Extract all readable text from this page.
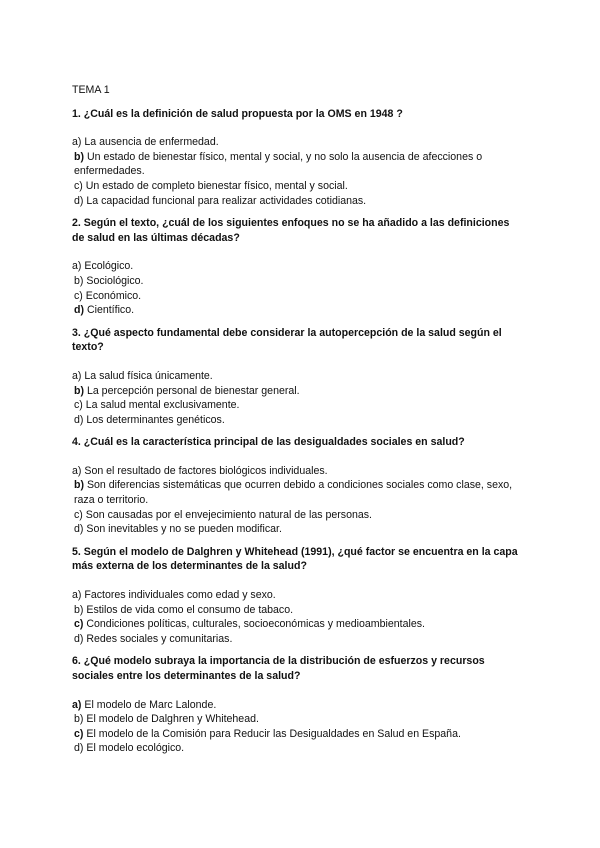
TEMA 1
1. ¿Cuál es la definición de salud propuesta por la OMS en 1948 ?
a) La ausencia de enfermedad.
b) Un estado de bienestar físico, mental y social, y no solo la ausencia de afecciones o enfermedades.
c) Un estado de completo bienestar físico, mental y social.
d) La capacidad funcional para realizar actividades cotidianas.
2. Según el texto, ¿cuál de los siguientes enfoques no se ha añadido a las definiciones de salud en las últimas décadas?
a) Ecológico.
b) Sociológico.
c) Económico.
d) Científico.
3. ¿Qué aspecto fundamental debe considerar la autopercepción de la salud según el texto?
a) La salud física únicamente.
b) La percepción personal de bienestar general.
c) La salud mental exclusivamente.
d) Los determinantes genéticos.
4. ¿Cuál es la característica principal de las desigualdades sociales en salud?
a) Son el resultado de factores biológicos individuales.
b) Son diferencias sistemáticas que ocurren debido a condiciones sociales como clase, sexo, raza o territorio.
c) Son causadas por el envejecimiento natural de las personas.
d) Son inevitables y no se pueden modificar.
5. Según el modelo de Dalghren y Whitehead (1991), ¿qué factor se encuentra en la capa más externa de los determinantes de la salud?
a) Factores individuales como edad y sexo.
b) Estilos de vida como el consumo de tabaco.
c) Condiciones políticas, culturales, socioeconómicas y medioambientales.
d) Redes sociales y comunitarias.
6. ¿Qué modelo subraya la importancia de la distribución de esfuerzos y recursos sociales entre los determinantes de la salud?
a) El modelo de Marc Lalonde.
b) El modelo de Dalghren y Whitehead.
c) El modelo de la Comisión para Reducir las Desigualdades en Salud en España.
d) El modelo ecológico.
